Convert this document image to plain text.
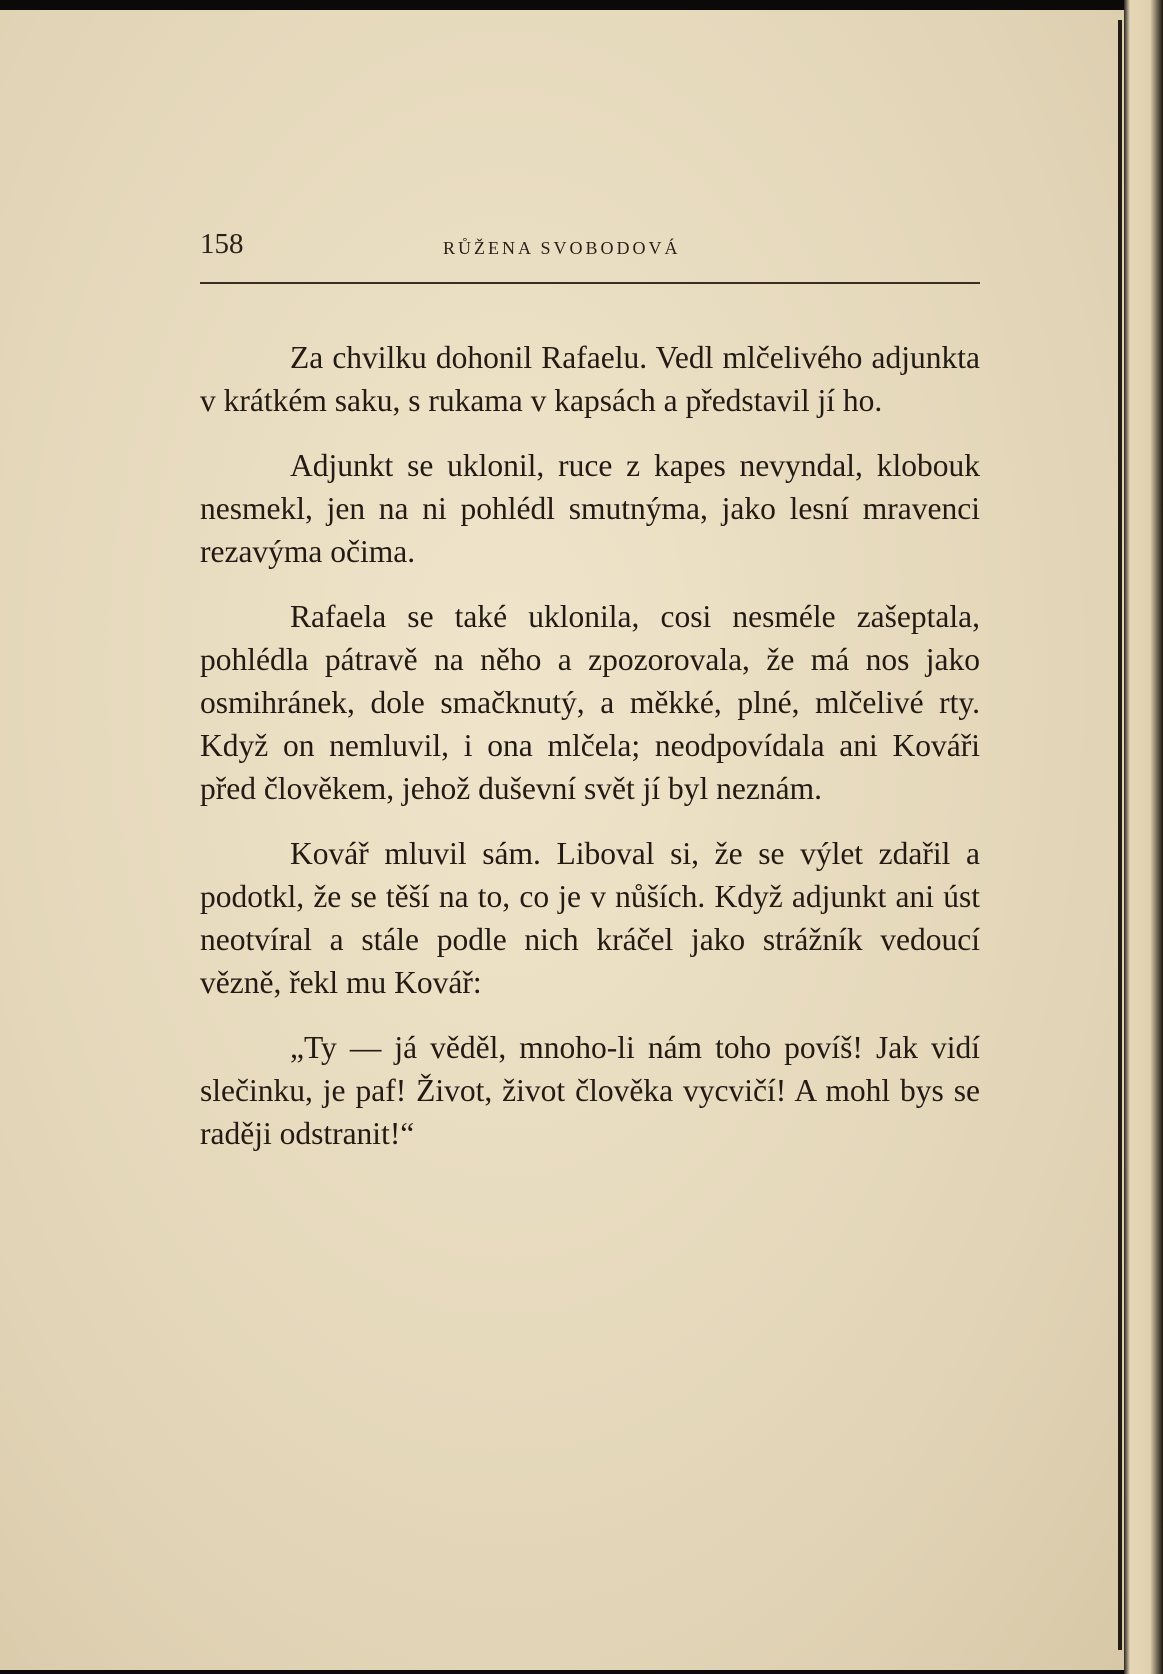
158	RŮŽENA SVOBODOVÁ

Za chvilku dohonil Rafaelu. Vedl mlčelivého adjunkta v krátkém saku, s rukama v kapsách a představil jí ho.

Adjunkt se uklonil, ruce z kapes nevyndal, klobouk nesmekl, jen na ni pohlédl smutnýma, jako lesní mravenci rezavýma očima.

Rafaela se také uklonila, cosi nesméle zašeptala, pohlédla pátravě na něho a zpozorovala, že má nos jako osmihránek, dole smačknutý, a měkké, plné, mlčelivé rty. Když on nemluvil, i ona mlčela; neodpovídala ani Kováři před člověkem, jehož duševní svět jí byl neznám.

Kovář mluvil sám. Liboval si, že se výlet zdařil a podotkl, že se těší na to, co je v nůších. Když adjunkt ani úst neotvíral a stále podle nich kráčel jako strážník vedoucí vězně, řekl mu Kovář:

„Ty — já věděl, mnoho-li nám toho povíš! Jak vidí slečinku, je paf! Život, život člověka vycvičí! A mohl bys se raději odstranit!“
